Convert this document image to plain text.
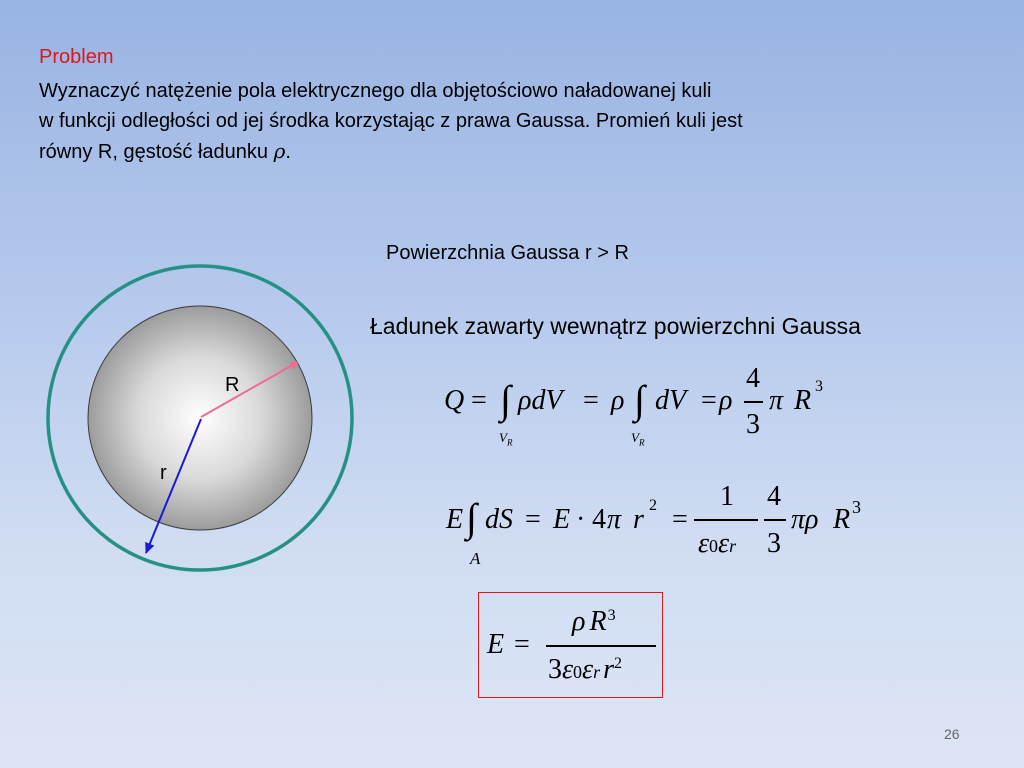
Problem
Wyznaczyć natężenie pola elektrycznego dla objętościowo naładowanej kuli
w funkcji odległości od jej środka korzystając z prawa Gaussa. Promień kuli jest
równy R, gęstość ładunku ρ.
Powierzchnia Gaussa r > R
Ładunek zawarty wewnątrz powierzchni Gaussa
R
r
Q = ∫ ρdV
$V_R$
= ρ ∫ dV
$V_R$
= ρ
4
3
π R 3
E ∫
A
dS = E · 4 π r 2 =
1
ε0εr
4
3
πρ R 3
E =
ρ $R^3$
3ε0εr $r^2$
26
